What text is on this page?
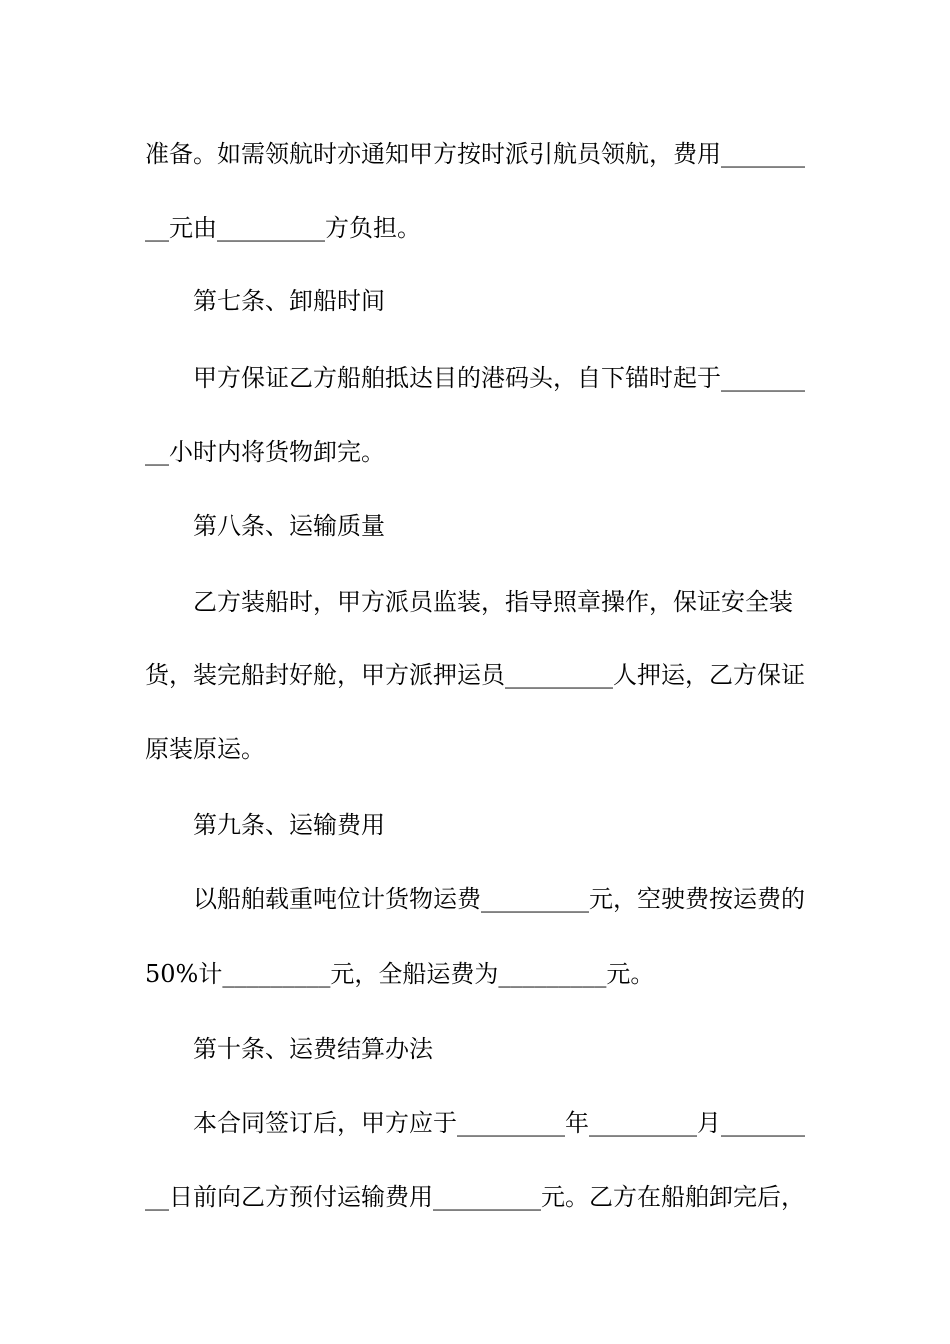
准备。如需领航时亦通知甲方按时派引航员领航，费用_______
__元由_________方负担。
第七条、卸船时间
甲方保证乙方船舶抵达目的港码头，自下锚时起于_______
__小时内将货物卸完。
第八条、运输质量
乙方装船时，甲方派员监装，指导照章操作，保证安全装
货，装完船封好舱，甲方派押运员_________人押运，乙方保证
原装原运。
第九条、运输费用
以船舶载重吨位计货物运费_________元，空驶费按运费的
50%计_________元，全船运费为_________元。
第十条、运费结算办法
本合同签订后，甲方应于_________年_________月_______
__日前向乙方预付运输费用_________元。乙方在船舶卸完后，
